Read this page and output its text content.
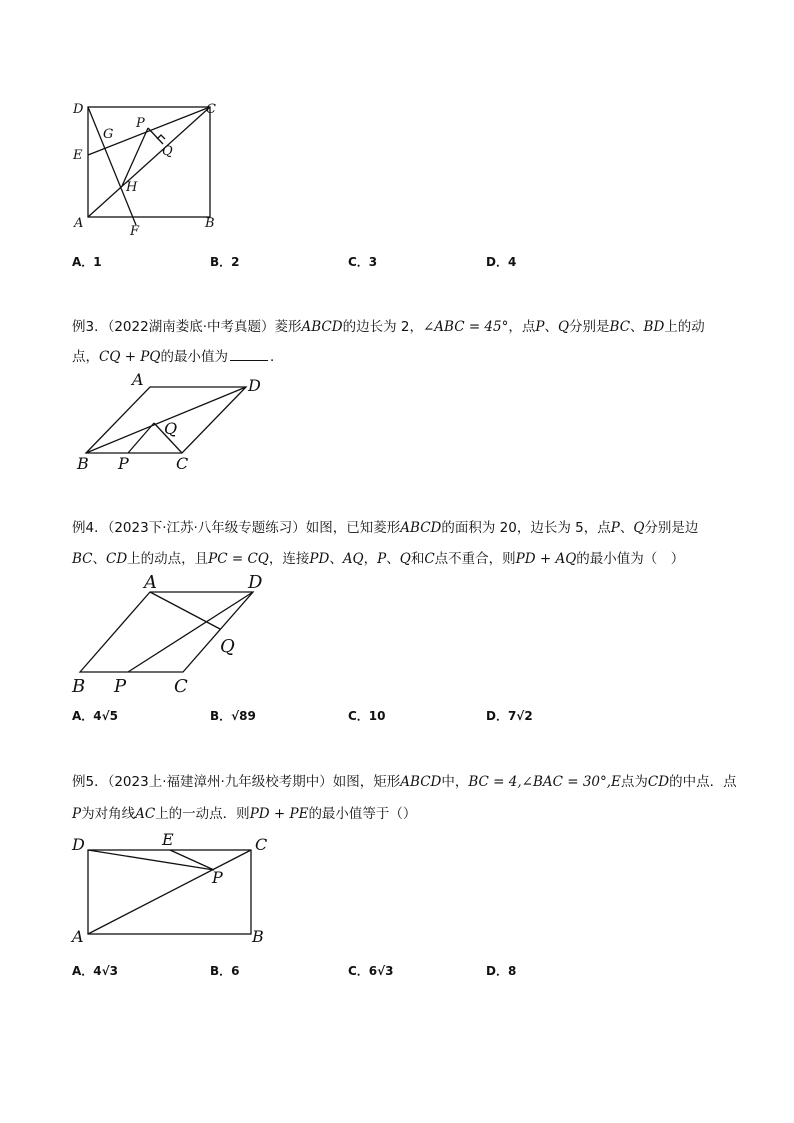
D	C
G
P
E	Q
H
A
F
B
A．1	B．2	C．3	D．4
例3．（2022湖南娄底·中考真题）菱形ABCD的边长为 2，∠ABC = 45°，点P、Q分别是BC、BD上的动
点，CQ + PQ的最小值为	．
A	D
Q
B P	C
例4．（2023下·江苏·八年级专题练习）如图，已知菱形ABCD的面积为 20，边长为 5，点P、Q分别是边
BC、CD上的动点，且PC = CQ，连接PD、AQ，P、Q和C点不重合，则PD + AQ的最小值为（　）
A	D
Q
B P	C
A．4√5	B．√89	C．10	D．7√2
例5．（2023上·福建漳州·九年级校考期中）如图，矩形ABCD中，BC = 4,∠BAC = 30°,E点为CD的中点．点
P为对角线AC上的一动点．则PD + PE的最小值等于（）
D	E	C
P
A	B
A．4√3	B．6	C．6√3	D．8
